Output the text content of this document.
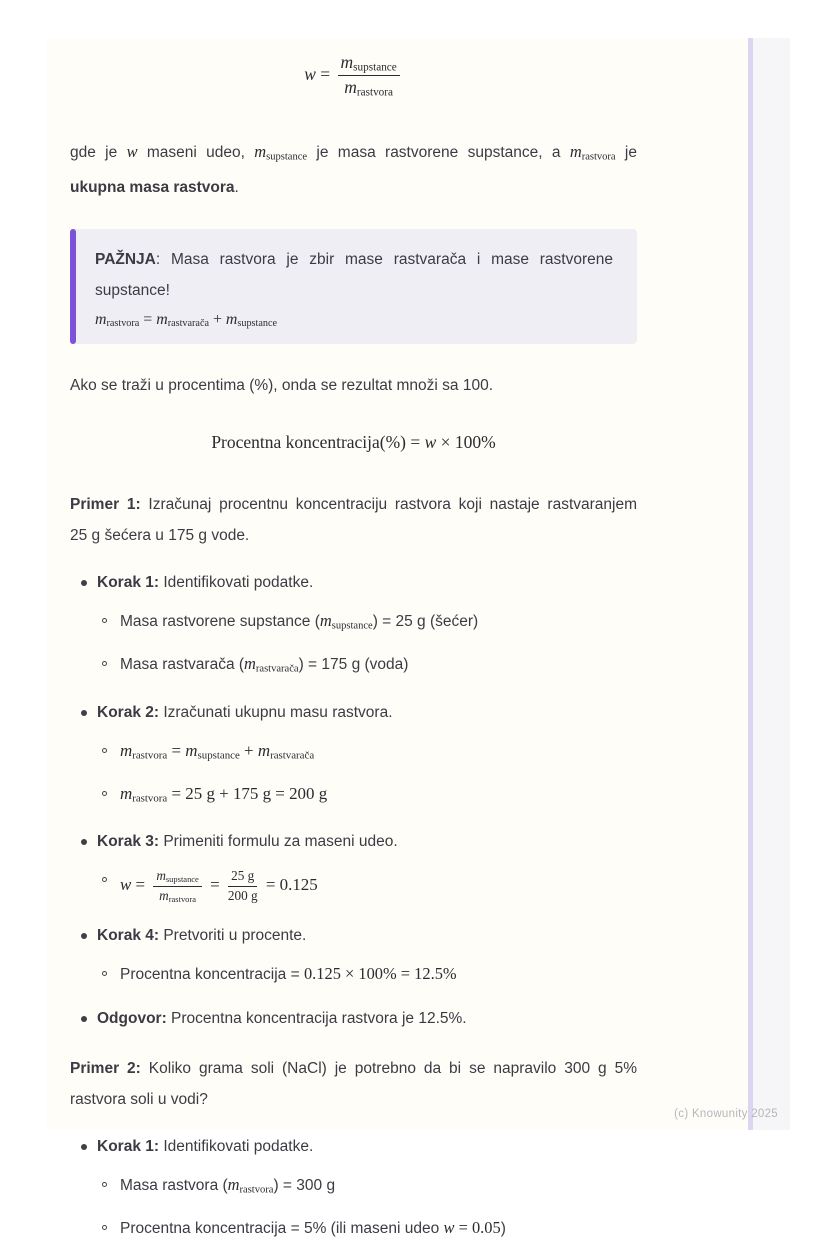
$w = \frac{\text{msupstance}}{\text{mrastvora}}$
gde je w maseni udeo, msupstance je masa rastvorene supstance, a mrastvora je
ukupna masa rastvora.
PAŽNJA: Masa rastvora je zbir mase rastvarača i mase rastvorene
supstance!
mrastvora = mrastvarača + msupstance
Ako se traži u procentima (%), onda se rezultat množi sa 100.
Procentna koncentracija(%) = w × 100%
Primer 1: Izračunaj procentnu koncentraciju rastvora koji nastaje rastvaranjem
25 g šećera u 175 g vode.
Korak 1: Identifikovati podatke.
Masa rastvorene supstance (msupstance) = 25 g (šećer)
Masa rastvarača (mrastvarača) = 175 g (voda)
Korak 2: Izračunati ukupnu masu rastvora.
mrastvora = msupstance + mrastvarača
mrastvora = 25 g + 175 g = 200 g
Korak 3: Primeniti formulu za maseni udeo.
$w = \frac{\text{msupstance}}{\text{mrastvora}} = \frac{25 g}{200 g} = 0.125$
Korak 4: Pretvoriti u procente.
Procentna koncentracija = 0.125 × 100% = 12.5%
Odgovor: Procentna koncentracija rastvora je 12.5%.
Primer 2: Koliko grama soli (NaCl) je potrebno da bi se napravilo 300 g 5%
rastvora soli u vodi?
Korak 1: Identifikovati podatke.
Masa rastvora (mrastvora) = 300 g
Procentna koncentracija = 5% (ili maseni udeo w = 0.05)
(c) Knowunity 2025
